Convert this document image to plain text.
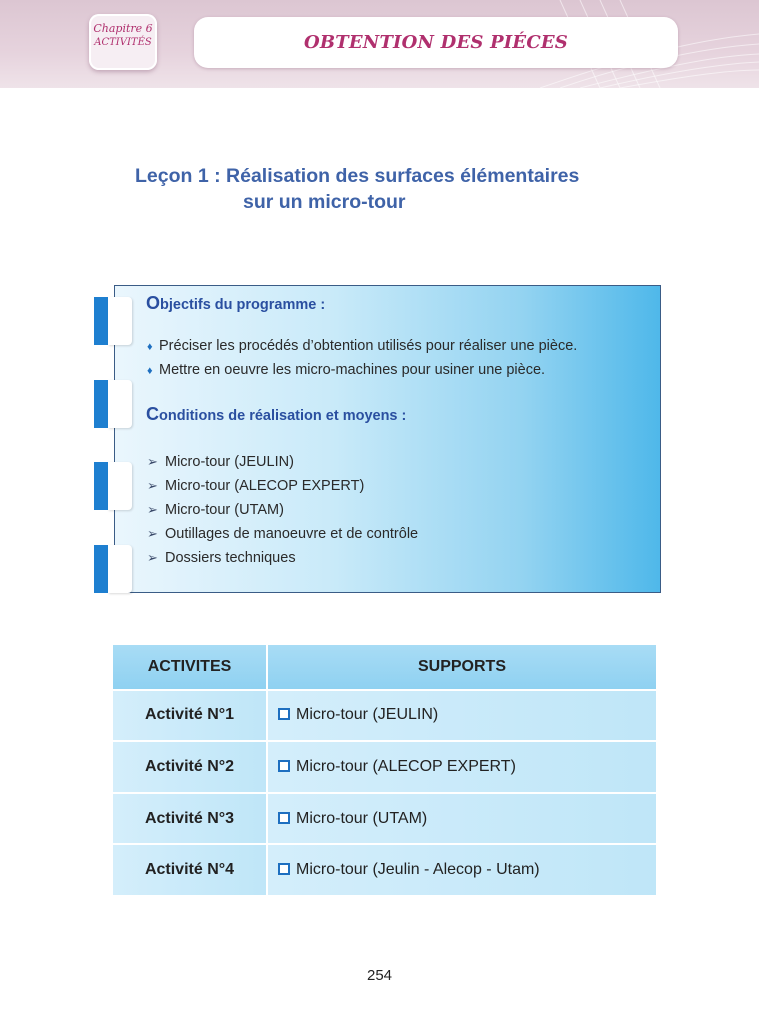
Chapitre 6
ACTIVITÉS	OBTENTION DES PIÉCES
Leçon 1 : Réalisation des surfaces élémentaires
sur un micro-tour
Objectifs du programme :
♦ Préciser les procédés d’obtention utilisés pour réaliser une pièce.
♦ Mettre en oeuvre les micro-machines pour usiner une pièce.
Conditions de réalisation et moyens :
➢ Micro-tour (JEULIN)
➢ Micro-tour (ALECOP EXPERT)
➢ Micro-tour (UTAM)
➢ Outillages de manoeuvre et de contrôle
➢ Dossiers techniques
ACTIVITES	SUPPORTS
Activité N°1	Micro-tour (JEULIN)
Activité N°2	Micro-tour (ALECOP EXPERT)
Activité N°3	Micro-tour (UTAM)
Activité N°4	Micro-tour (Jeulin - Alecop - Utam)
254
